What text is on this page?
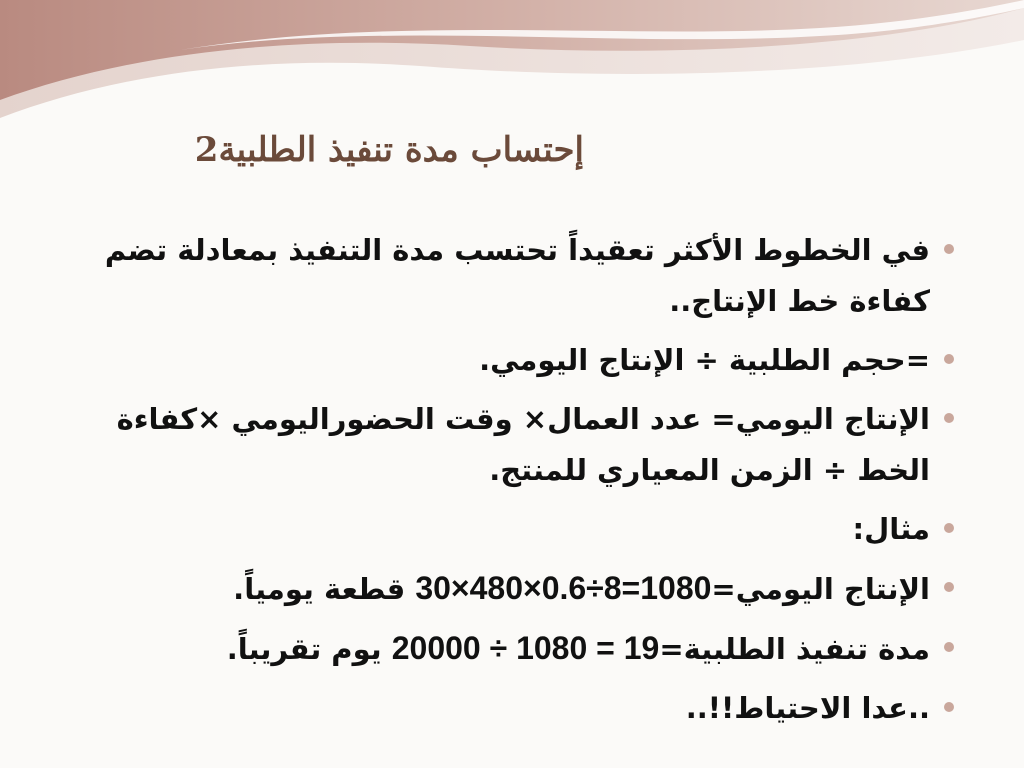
إحتساب مدة تنفيذ الطلبية2
في الخطوط الأكثر تعقيداً تحتسب مدة التنفيذ بمعادلة تضم كفاءة خط الإنتاج..
=حجم الطلبية ÷ الإنتاج اليومي.
الإنتاج اليومي= عدد العمال× وقت الحضوراليومي ×كفاءة الخط ÷ الزمن المعياري للمنتج.
مثال:
الإنتاج اليومي=30×480×0.6÷8=1080 قطعة يومياً.
مدة تنفيذ الطلبية=20000 ÷ 1080 = 19 يوم تقريباً.
..عدا الاحتياط!!..
